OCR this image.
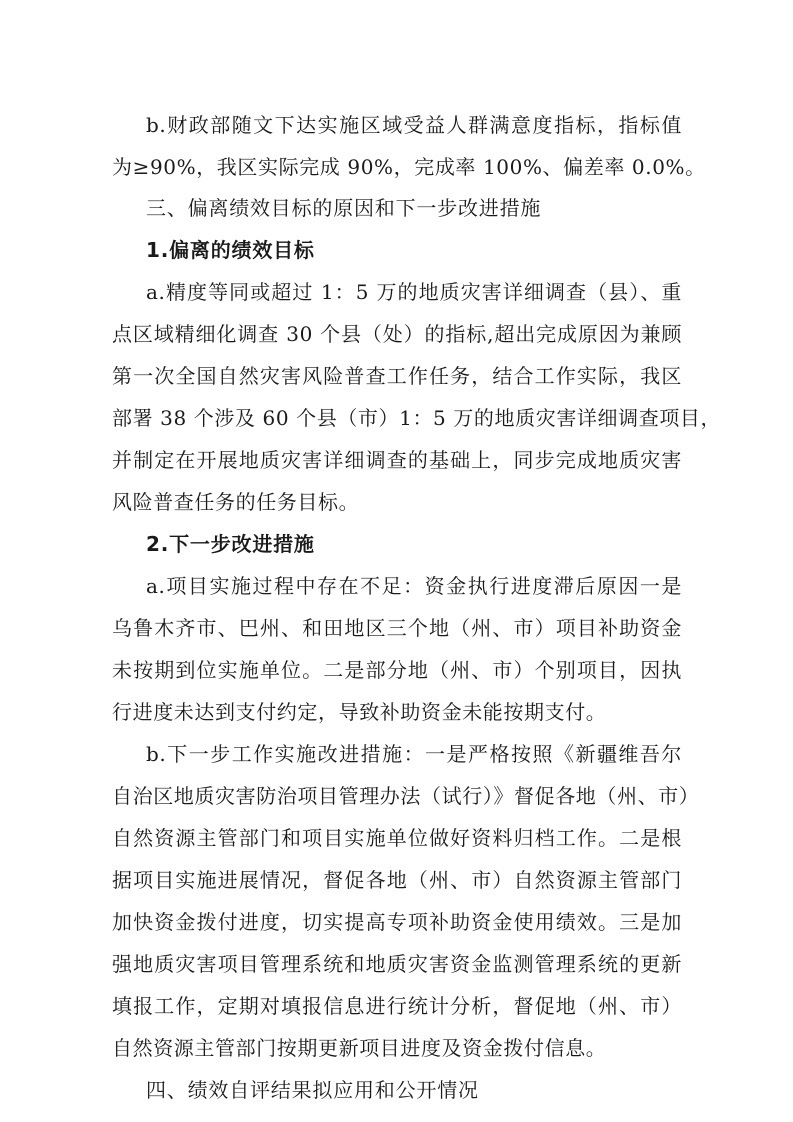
b.财政部随文下达实施区域受益人群满意度指标，指标值
为≥90%，我区实际完成 90%，完成率 100%、偏差率 0.0%。
三、偏离绩效目标的原因和下一步改进措施
1.偏离的绩效目标
a.精度等同或超过 1：5 万的地质灾害详细调查（县）、重
点区域精细化调查 30 个县（处）的指标,超出完成原因为兼顾
第一次全国自然灾害风险普查工作任务，结合工作实际，我区
部署 38 个涉及 60 个县（市）1：5 万的地质灾害详细调查项目，
并制定在开展地质灾害详细调查的基础上，同步完成地质灾害
风险普查任务的任务目标。
2.下一步改进措施
a.项目实施过程中存在不足：资金执行进度滞后原因一是
乌鲁木齐市、巴州、和田地区三个地（州、市）项目补助资金
未按期到位实施单位。二是部分地（州、市）个别项目，因执
行进度未达到支付约定，导致补助资金未能按期支付。
b.下一步工作实施改进措施：一是严格按照《新疆维吾尔
自治区地质灾害防治项目管理办法（试行）》督促各地（州、市）
自然资源主管部门和项目实施单位做好资料归档工作。二是根
据项目实施进展情况，督促各地（州、市）自然资源主管部门
加快资金拨付进度，切实提高专项补助资金使用绩效。三是加
强地质灾害项目管理系统和地质灾害资金监测管理系统的更新
填报工作，定期对填报信息进行统计分析，督促地（州、市）
自然资源主管部门按期更新项目进度及资金拨付信息。
四、绩效自评结果拟应用和公开情况
